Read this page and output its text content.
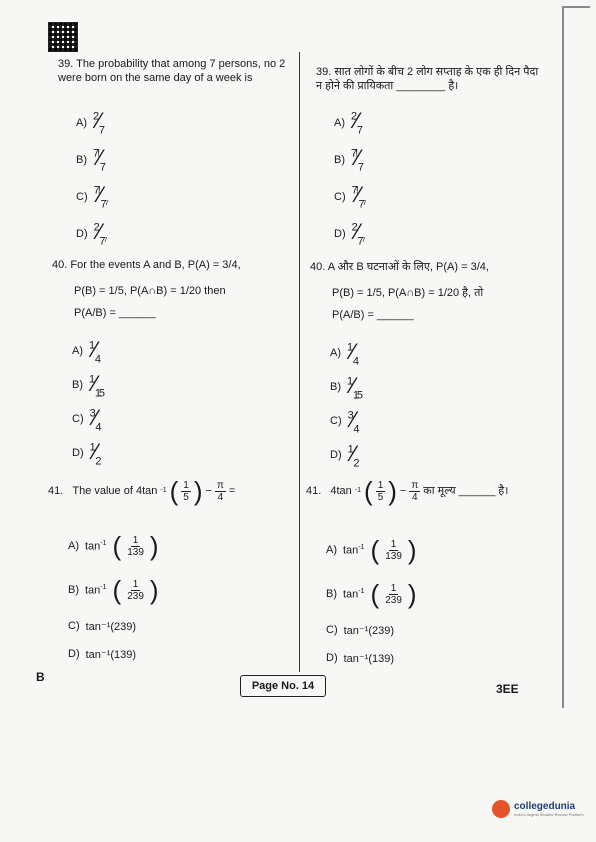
39. The probability that among 7 persons, no 2 were born on the same day of a week is	39. सात लोगों के बीच 2 लोग सप्ताह के एक ही दिन पैदा न होने की प्रायिकता ________ है।
A) $^2⁄_7$
B) $^{7!}⁄_7$
C) $^{7!}⁄_{7^7}$
D) $^2⁄_{7^7}$
A) $^2⁄_7$
B) $^{7!}⁄_7$
C) $^{7!}⁄_{7^7}$
D) $^2⁄_{7^7}$
40. For the events A and B, P(A) = 3/4,
P(B) = 1/5, P(A∩B) = 1/20 then
P(A/B) = ______
40. A और B घटनाओं के लिए, P(A) = 3/4,
P(B) = 1/5, P(A∩B) = 1/20 है, तो
P(A/B) = ______
A) $^1⁄_4$
B) $^1⁄_{15}$
C) $^3⁄_4$
D) $^1⁄_2$
A) $^1⁄_4$
B) $^1⁄_{15}$
C) $^3⁄_4$
D) $^1⁄_2$
41.
The value of 4tan -1 ( 1
5 ) − $\frac{\pi}{4}$ =	41.
4tan -1 ( 1
5 ) − $\frac{\pi}{4}$ का मूल्य ______ है।
A) $\tan^{-1}$ ( 1
139 )
B) $\tan^{-1}$ ( 1
239 )
C) tan⁻¹(239)
D) tan⁻¹(139)
A) $\tan^{-1}$ ( 1
139 )
B) $\tan^{-1}$ ( 1
239 )
C) tan⁻¹(239)
D) tan⁻¹(139)
B
Page No. 14	3EE
collegedunia
India's largest Student Review Platform
